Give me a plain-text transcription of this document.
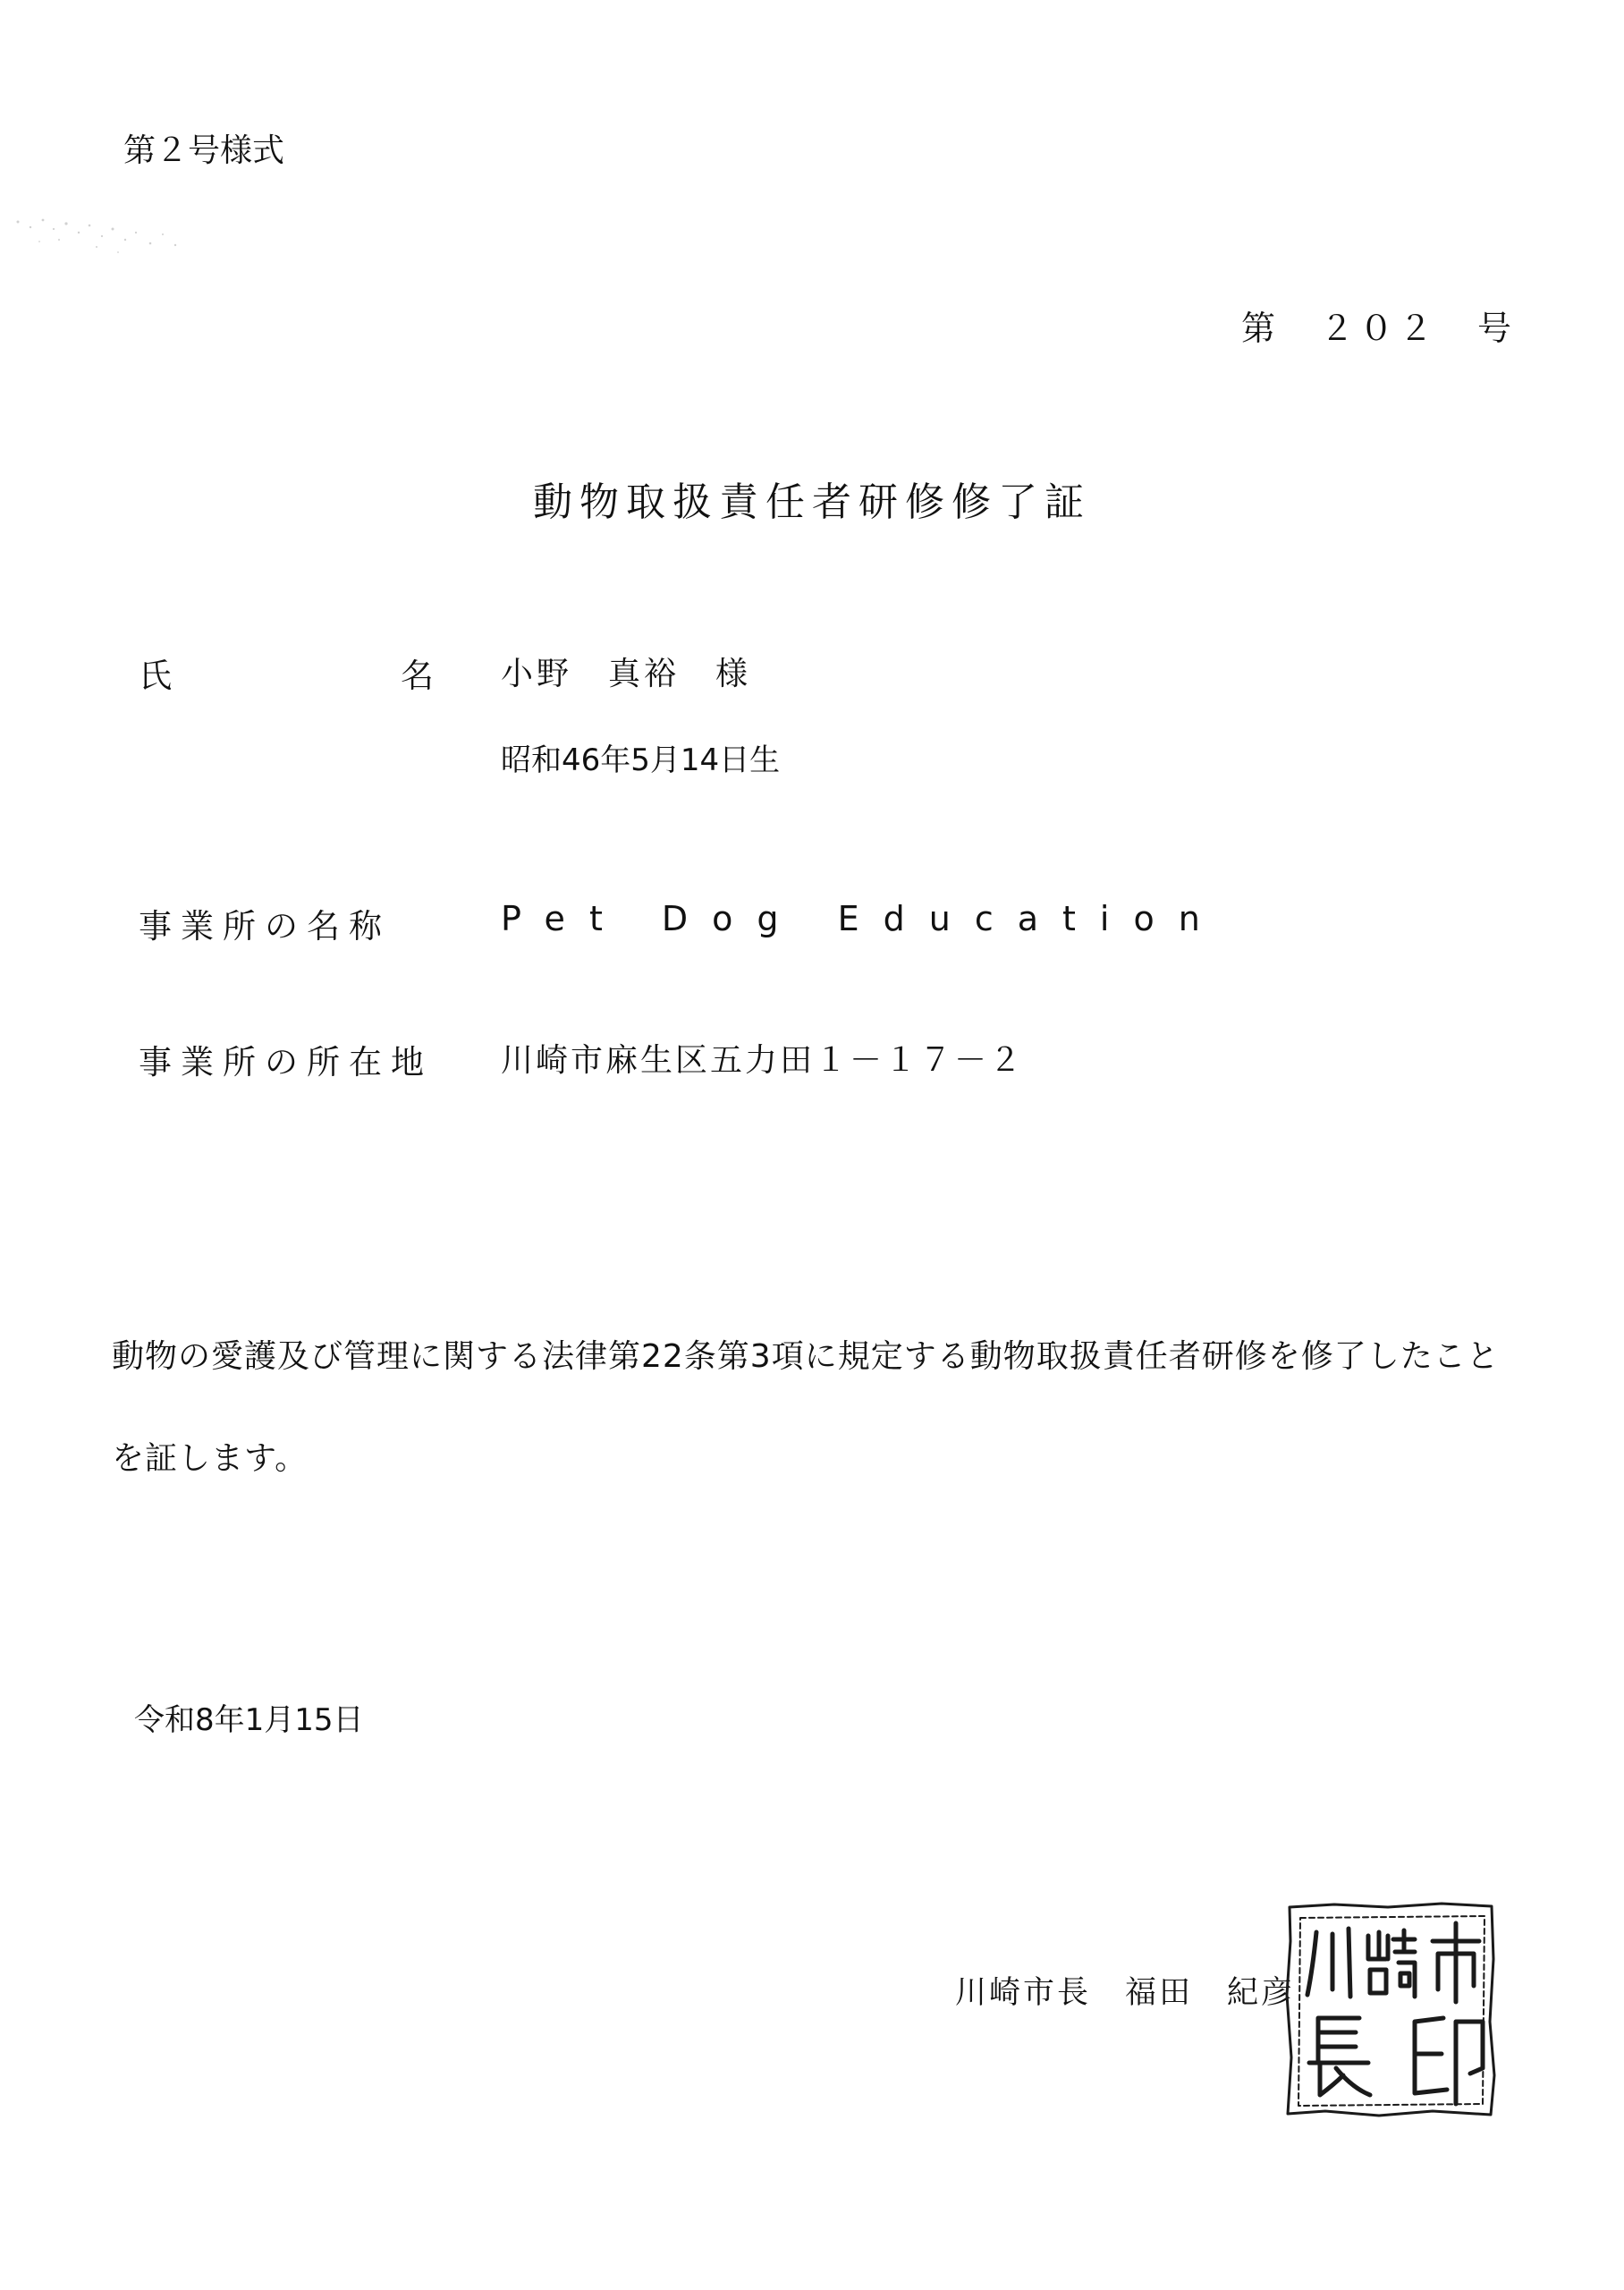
第２号様式
第 ２０２ 号
動物取扱責任者研修修了証
氏	名 小野　真裕　様
昭和46年5月14日生
事業所の名称	Pet Dog Education
事業所の所在地 川崎市麻生区五力田１－１７－２
動物の愛護及び管理に関する法律第22条第3項に規定する動物取扱責任者研修を修了したことを証します。
令和8年1月15日
川崎市長　福田　紀彦
